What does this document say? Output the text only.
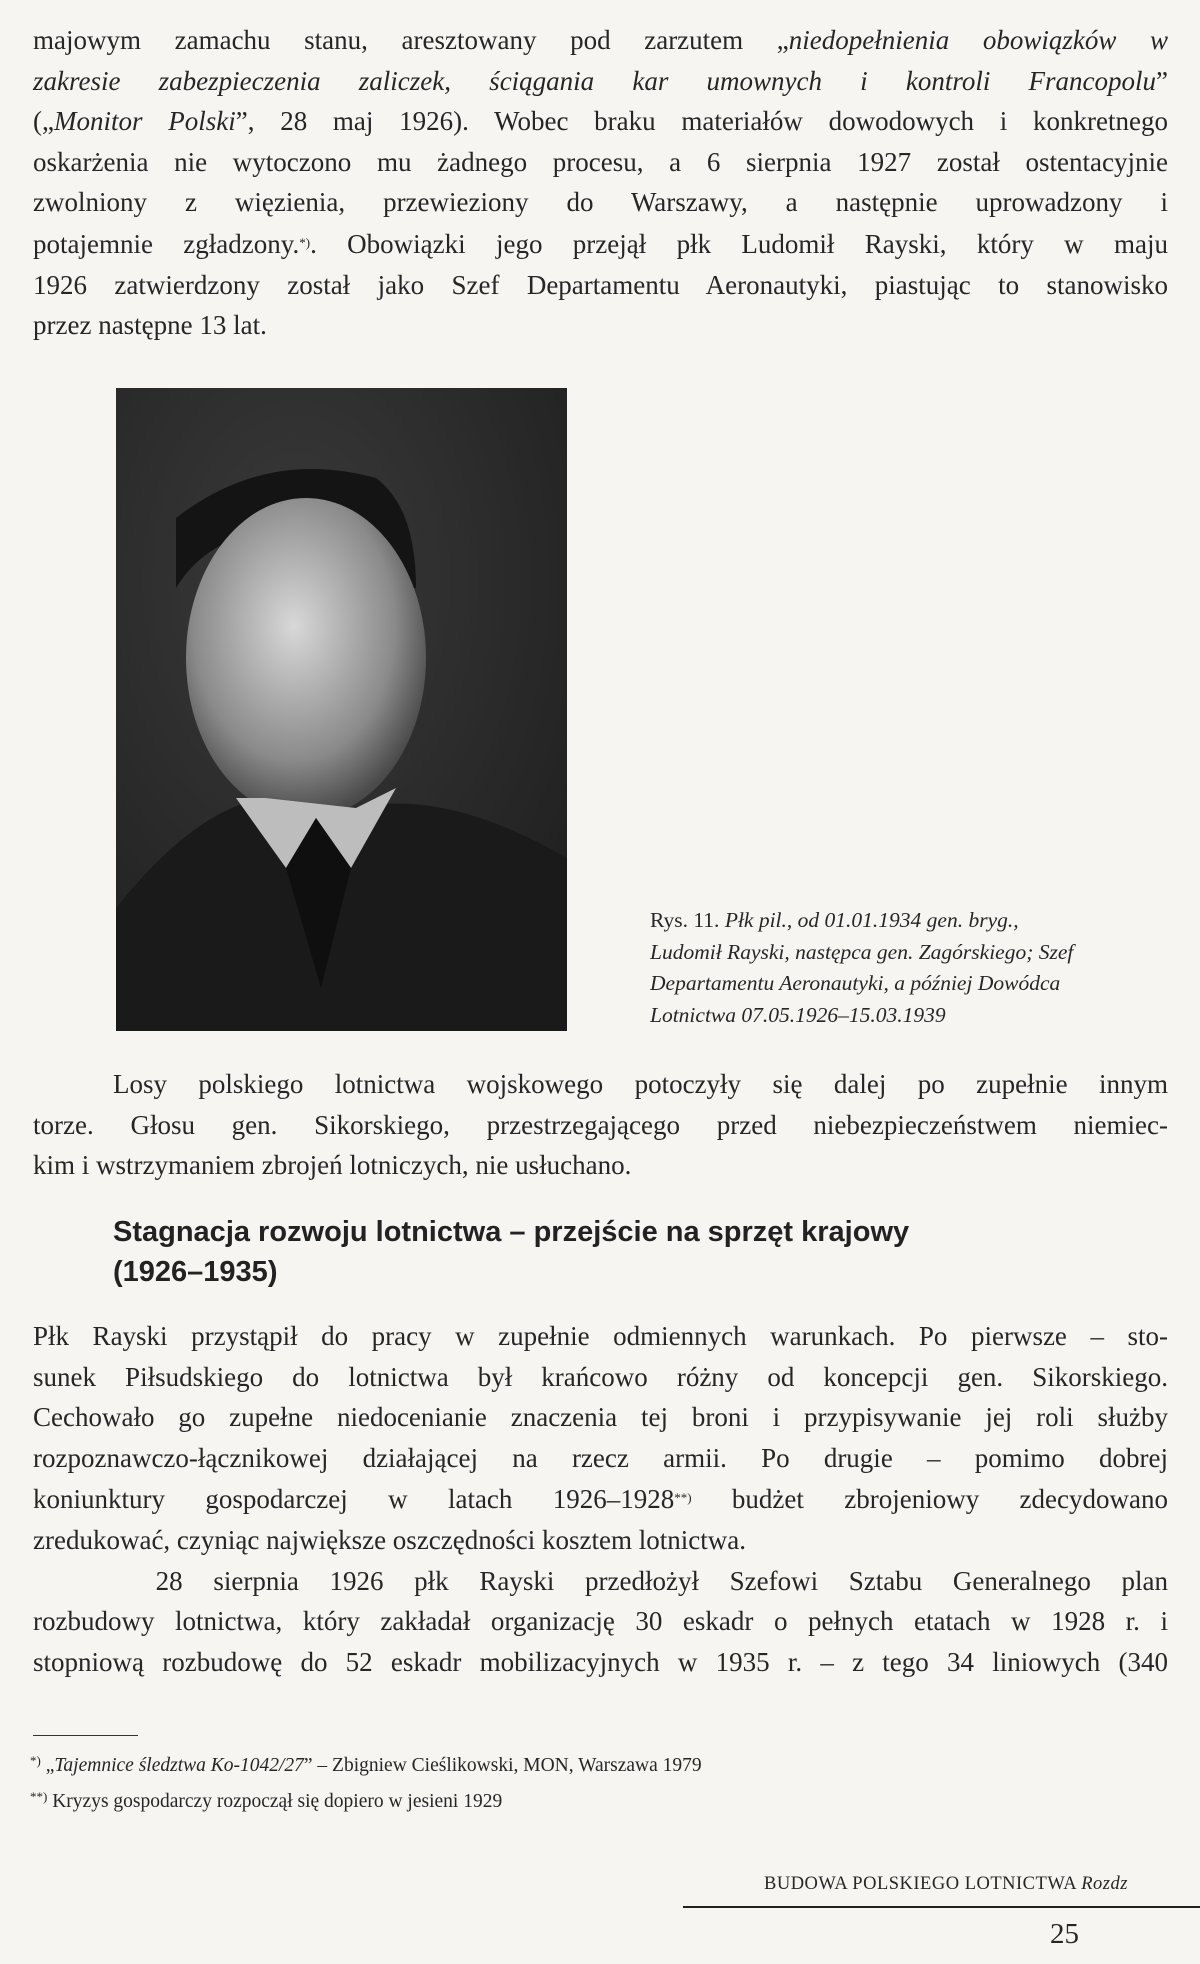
majowym zamachu stanu, aresztowany pod zarzutem „niedopełnienia obowiązków w
zakresie zabezpieczenia zaliczek, ściągania kar umownych i kontroli Francopolu”
(„Monitor Polski”, 28 maj 1926). Wobec braku materiałów dowodowych i konkretnego
oskarżenia nie wytoczono mu żadnego procesu, a 6 sierpnia 1927 został ostentacyjnie
zwolniony z więzienia, przewieziony do Warszawy, a następnie uprowadzony i
potajemnie zgładzony.*). Obowiązki jego przejął płk Ludomił Rayski, który w maju
1926 zatwierdzony został jako Szef Departamentu Aeronautyki, piastując to stanowisko
przez następne 13 lat.
Rys. 11. Płk pil., od 01.01.1934 gen. bryg.,
Ludomił Rayski, następca gen. Zagórskiego; Szef
Departamentu Aeronautyki, a później Dowódca
Lotnictwa 07.05.1926–15.03.1939
Losy polskiego lotnictwa wojskowego potoczyły się dalej po zupełnie innym
torze. Głosu gen. Sikorskiego, przestrzegającego przed niebezpieczeństwem niemiec-
kim i wstrzymaniem zbrojeń lotniczych, nie usłuchano.
Stagnacja rozwoju lotnictwa – przejście na sprzęt krajowy
(1926–1935)
Płk Rayski przystąpił do pracy w zupełnie odmiennych warunkach. Po pierwsze – sto-
sunek Piłsudskiego do lotnictwa był krańcowo różny od koncepcji gen. Sikorskiego.
Cechowało go zupełne niedocenianie znaczenia tej broni i przypisywanie jej roli służby
rozpoznawczo-łącznikowej działającej na rzecz armii. Po drugie – pomimo dobrej
koniunktury gospodarczej w latach 1926–1928**) budżet zbrojeniowy zdecydowano
zredukować, czyniąc największe oszczędności kosztem lotnictwa.
28 sierpnia 1926 płk Rayski przedłożył Szefowi Sztabu Generalnego plan
rozbudowy lotnictwa, który zakładał organizację 30 eskadr o pełnych etatach w 1928 r. i
stopniową rozbudowę do 52 eskadr mobilizacyjnych w 1935 r. – z tego 34 liniowych (340
*) „Tajemnice śledztwa Ko-1042/27” – Zbigniew Cieślikowski, MON, Warszawa 1979
**) Kryzys gospodarczy rozpoczął się dopiero w jesieni 1929
BUDOWA POLSKIEGO LOTNICTWA Rozdz
25
